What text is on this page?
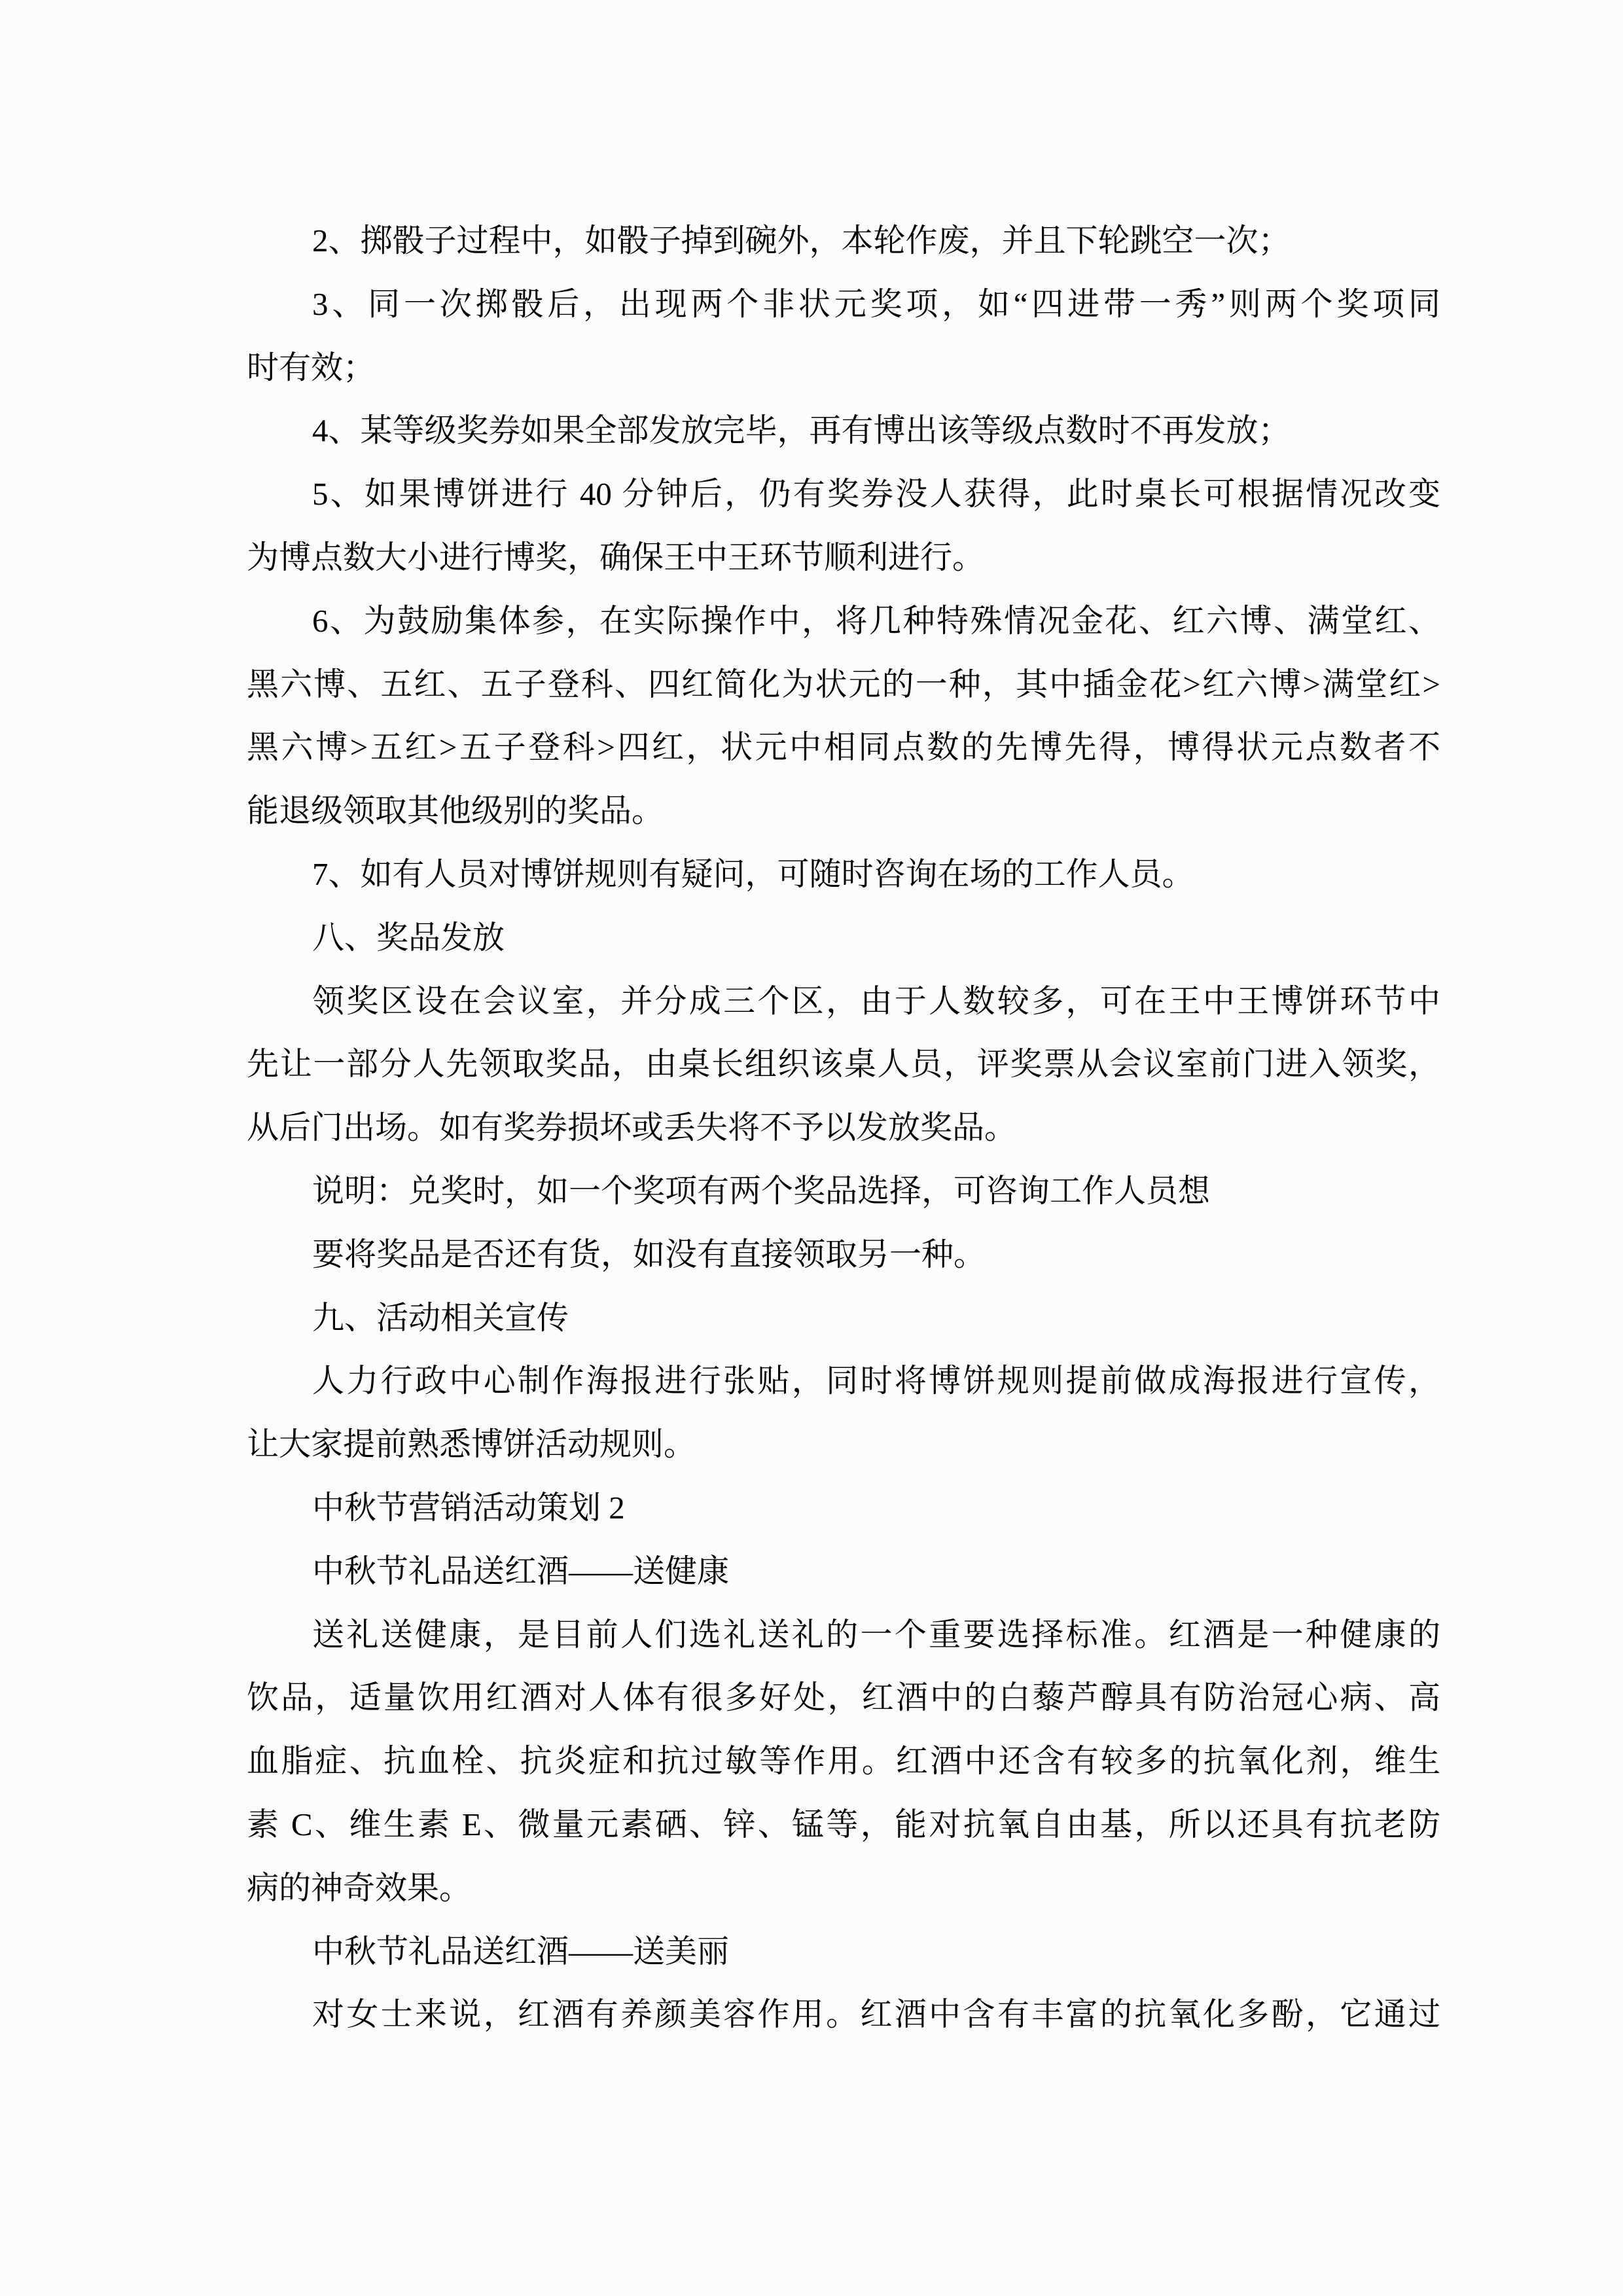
2、掷骰子过程中，如骰子掉到碗外，本轮作废，并且下轮跳空一次；
3、同一次掷骰后，出现两个非状元奖项，如“四进带一秀”则两个奖项同
时有效；
4、某等级奖券如果全部发放完毕，再有博出该等级点数时不再发放；
5、如果博饼进行 40 分钟后，仍有奖券没人获得，此时桌长可根据情况改变
为博点数大小进行博奖，确保王中王环节顺利进行。
6、为鼓励集体参，在实际操作中，将几种特殊情况金花、红六博、满堂红、
黑六博、五红、五子登科、四红简化为状元的一种，其中插金花>红六博>满堂红>
黑六博>五红>五子登科>四红，状元中相同点数的先博先得，博得状元点数者不
能退级领取其他级别的奖品。
7、如有人员对博饼规则有疑问，可随时咨询在场的工作人员。
八、奖品发放
领奖区设在会议室，并分成三个区，由于人数较多，可在王中王博饼环节中
先让一部分人先领取奖品，由桌长组织该桌人员，评奖票从会议室前门进入领奖，
从后门出场。如有奖券损坏或丢失将不予以发放奖品。
说明：兑奖时，如一个奖项有两个奖品选择，可咨询工作人员想
要将奖品是否还有货，如没有直接领取另一种。
九、活动相关宣传
人力行政中心制作海报进行张贴，同时将博饼规则提前做成海报进行宣传，
让大家提前熟悉博饼活动规则。
中秋节营销活动策划 2
中秋节礼品送红酒——送健康
送礼送健康，是目前人们选礼送礼的一个重要选择标准。红酒是一种健康的
饮品，适量饮用红酒对人体有很多好处，红酒中的白藜芦醇具有防治冠心病、高
血脂症、抗血栓、抗炎症和抗过敏等作用。红酒中还含有较多的抗氧化剂，维生
素 C、维生素 E、微量元素硒、锌、锰等，能对抗氧自由基，所以还具有抗老防
病的神奇效果。
中秋节礼品送红酒——送美丽
对女士来说，红酒有养颜美容作用。红酒中含有丰富的抗氧化多酚，它通过
